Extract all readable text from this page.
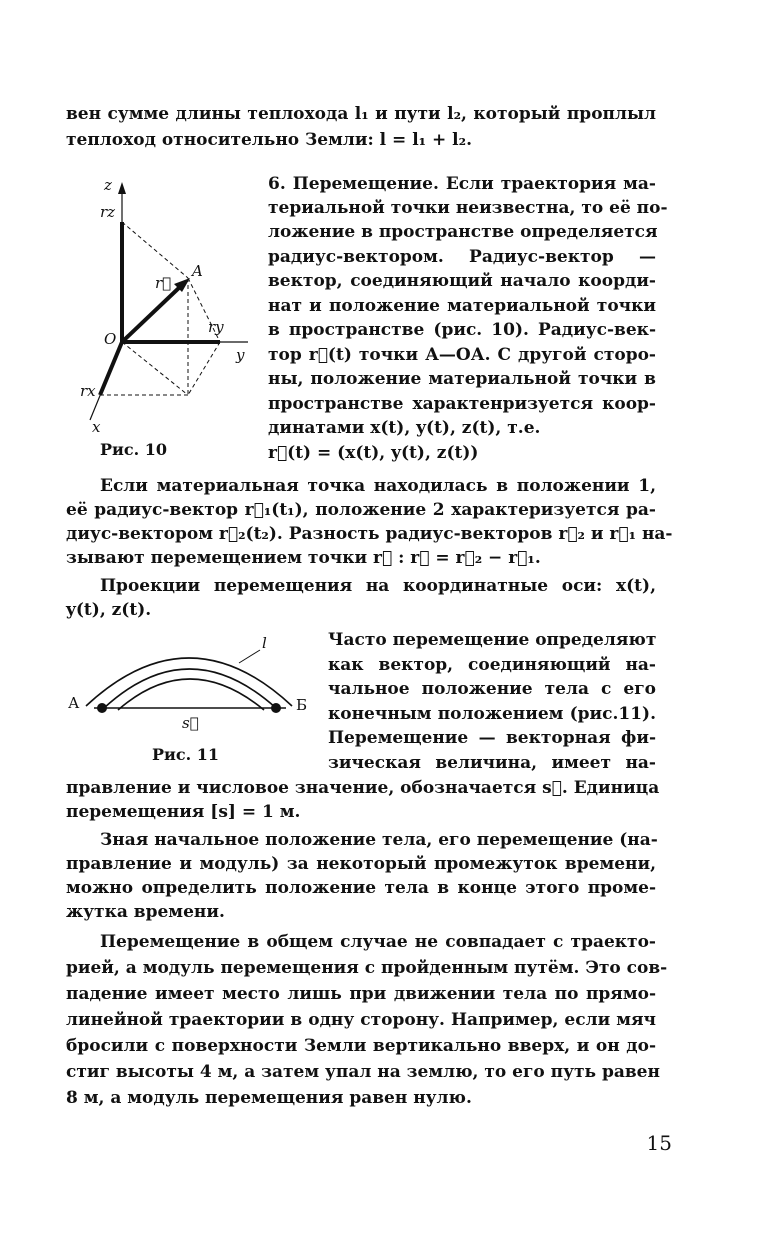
вен сумме длины теплохода l₁ и пути l₂, который проплыл
теплоход относительно Земли: l = l₁ + l₂.
z
rz
r⃗
A
O
ry
y
rx
x
Рис. 10
6. Перемещение. Если траектория ма-
териальной точки неизвестна, то её по-
ложение в пространстве определяется
радиус-вектором. Радиус-вектор —
вектор, соединяющий начало коорди-
нат и положение материальной точки
в пространстве (рис. 10). Радиус-век-
тор r⃗(t) точки А—ОА. С другой сторо-
ны, положение материальной точки в
пространстве характенризуется коор-
динатами x(t), y(t), z(t), т.е.
r⃗(t) = (x(t), y(t), z(t))
Если материальная точка находилась в положении 1,
её радиус-вектор r⃗₁(t₁), положение 2 характеризуется ра-
диус-вектором r⃗₂(t₂). Разность радиус-векторов r⃗₂ и r⃗₁ на-
зывают перемещением точки r⃗ : r⃗ = r⃗₂ − r⃗₁.
Проекции перемещения на координатные оси: x(t),
y(t), z(t).
l
А	Б
s⃗
Рис. 11
Часто перемещение определяют
как вектор, соединяющий на-
чальное положение тела с его
конечным положением (рис.11).
Перемещение — векторная фи-
зическая величина, имеет на-
правление и числовое значение, обозначается s⃗. Единица
перемещения [s] = 1 м.
Зная начальное положение тела, его перемещение (на-
правление и модуль) за некоторый промежуток времени,
можно определить положение тела в конце этого проме-
жутка времени.
Перемещение в общем случае не совпадает с траекто-
рией, а модуль перемещения с пройденным путём. Это сов-
падение имеет место лишь при движении тела по прямо-
линейной траектории в одну сторону. Например, если мяч
бросили с поверхности Земли вертикально вверх, и он до-
стиг высоты 4 м, а затем упал на землю, то его путь равен
8 м, а модуль перемещения равен нулю.
15
